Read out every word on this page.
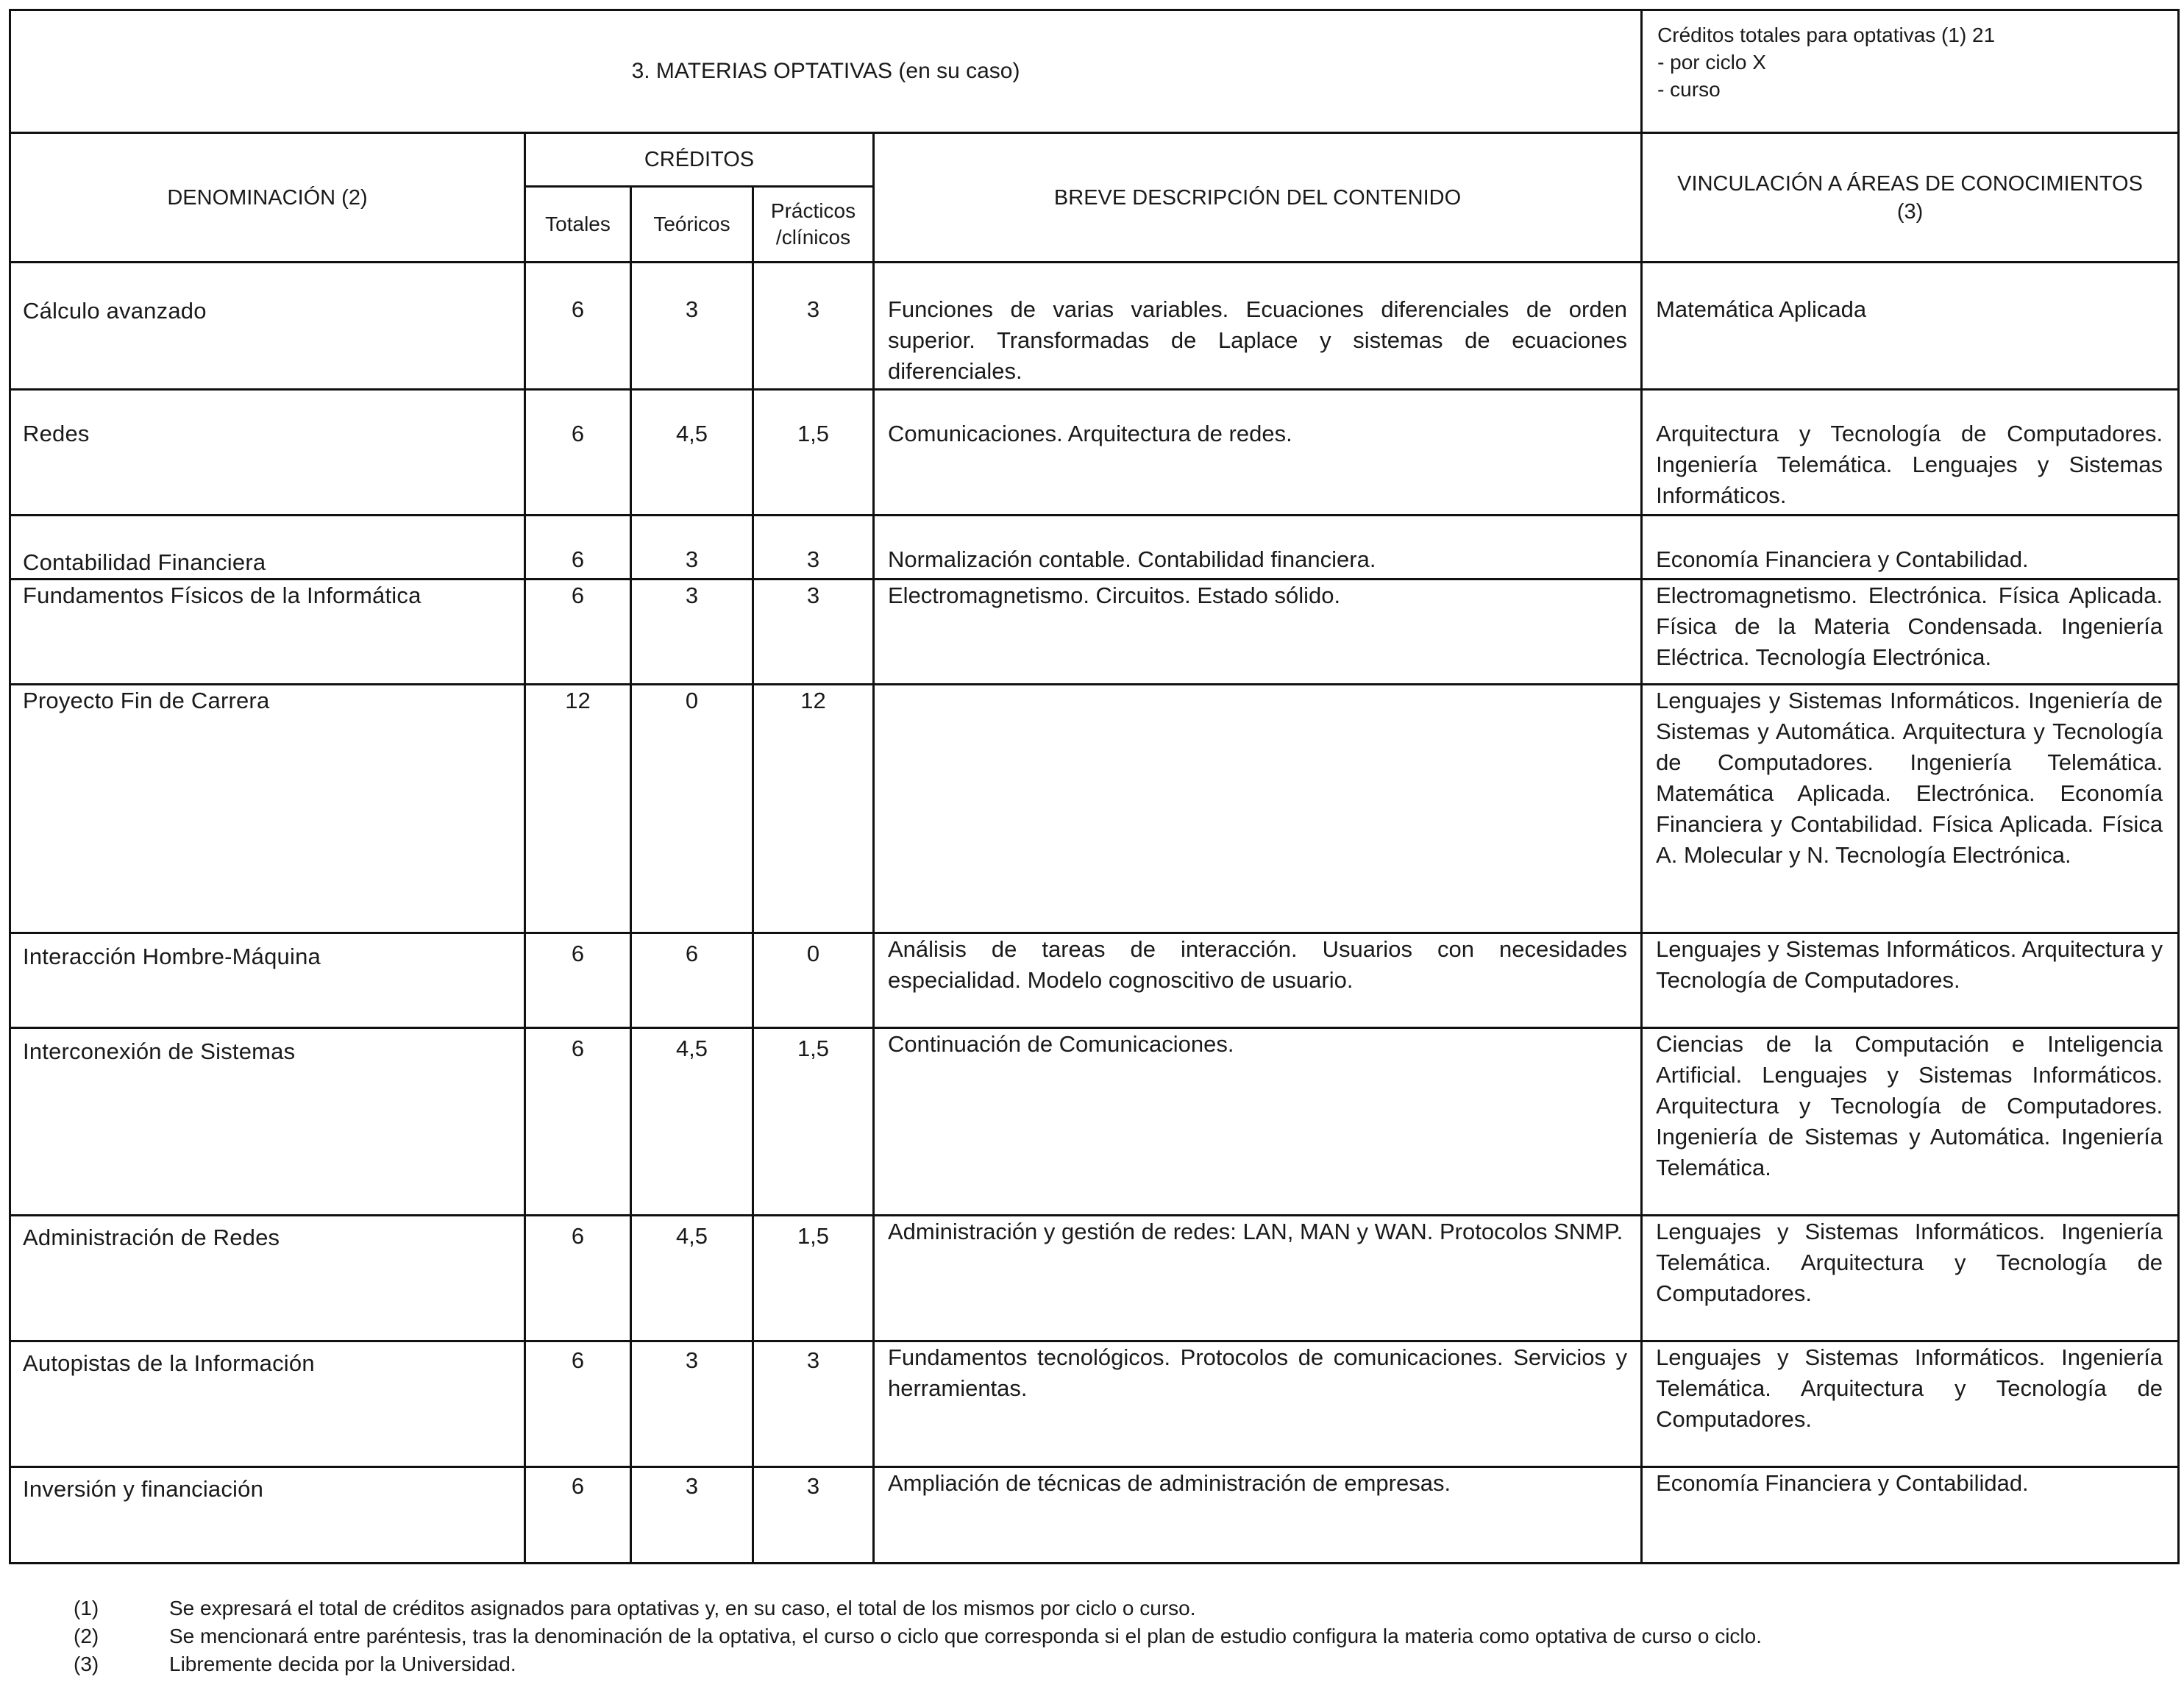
3. MATERIAS OPTATIVAS (en su caso)					Créditos totales para optativas (1) 21
- por ciclo X
- curso

DENOMINACIÓN (2)	CRÉDITOS			BREVE DESCRIPCIÓN DEL CONTENIDO	VINCULACIÓN A ÁREAS DE CONOCIMIENTOS
(3)

	Totales	Teóricos	Prácticos
/clínicos		

Cálculo avanzado	6	3	3	Funciones de varias variables. Ecuaciones diferenciales de orden superior. Transformadas de Laplace y sistemas de ecuaciones diferenciales.	Matemática Aplicada

Redes	6	4,5	1,5	Comunicaciones. Arquitectura de redes.	Arquitectura y Tecnología de Computadores. Ingeniería Telemática. Lenguajes y Sistemas Informáticos.

Contabilidad Financiera	6	3	3	Normalización contable. Contabilidad financiera.	Economía Financiera y Contabilidad.

Fundamentos Físicos de la Informática	6	3	3	Electromagnetismo. Circuitos. Estado sólido.	Electromagnetismo. Electrónica. Física Aplicada. Física de la Materia Condensada. Ingeniería Eléctrica. Tecnología Electrónica.

Proyecto Fin de Carrera	12	0	12		Lenguajes y Sistemas Informáticos. Ingeniería de Sistemas y Automática. Arquitectura y Tecnología de Computadores. Ingeniería Telemática. Matemática Aplicada. Electrónica. Economía Financiera y Contabilidad. Física Aplicada. Física A. Molecular y N. Tecnología Electrónica.

Interacción Hombre-Máquina	6	6	0	Análisis de tareas de interacción. Usuarios con necesidades especialidad. Modelo cognoscitivo de usuario.	Lenguajes y Sistemas Informáticos. Arquitectura y Tecnología de Computadores.

Interconexión de Sistemas	6	4,5	1,5	Continuación de Comunicaciones.	Ciencias de la Computación e Inteligencia Artificial. Lenguajes y Sistemas Informáticos. Arquitectura y Tecnología de Computadores. Ingeniería de Sistemas y Automática. Ingeniería Telemática.

Administración de Redes	6	4,5	1,5	Administración y gestión de redes: LAN, MAN y WAN. Protocolos SNMP.	Lenguajes y Sistemas Informáticos. Ingeniería Telemática. Arquitectura y Tecnología de Computadores.

Autopistas de la Información	6	3	3	Fundamentos tecnológicos. Protocolos de comunicaciones. Servicios y herramientas.	Lenguajes y Sistemas Informáticos. Ingeniería Telemática. Arquitectura y Tecnología de Computadores.

Inversión y financiación	6	3	3	Ampliación de técnicas de administración de empresas.	Economía Financiera y Contabilidad.
(1)	Se expresará el total de créditos asignados para optativas y, en su caso, el total de los mismos por ciclo o curso.
(2)	Se mencionará entre paréntesis, tras la denominación de la optativa, el curso o ciclo que corresponda si el plan de estudio configura la materia como optativa de curso o ciclo.
(3)	Libremente decida por la Universidad.
